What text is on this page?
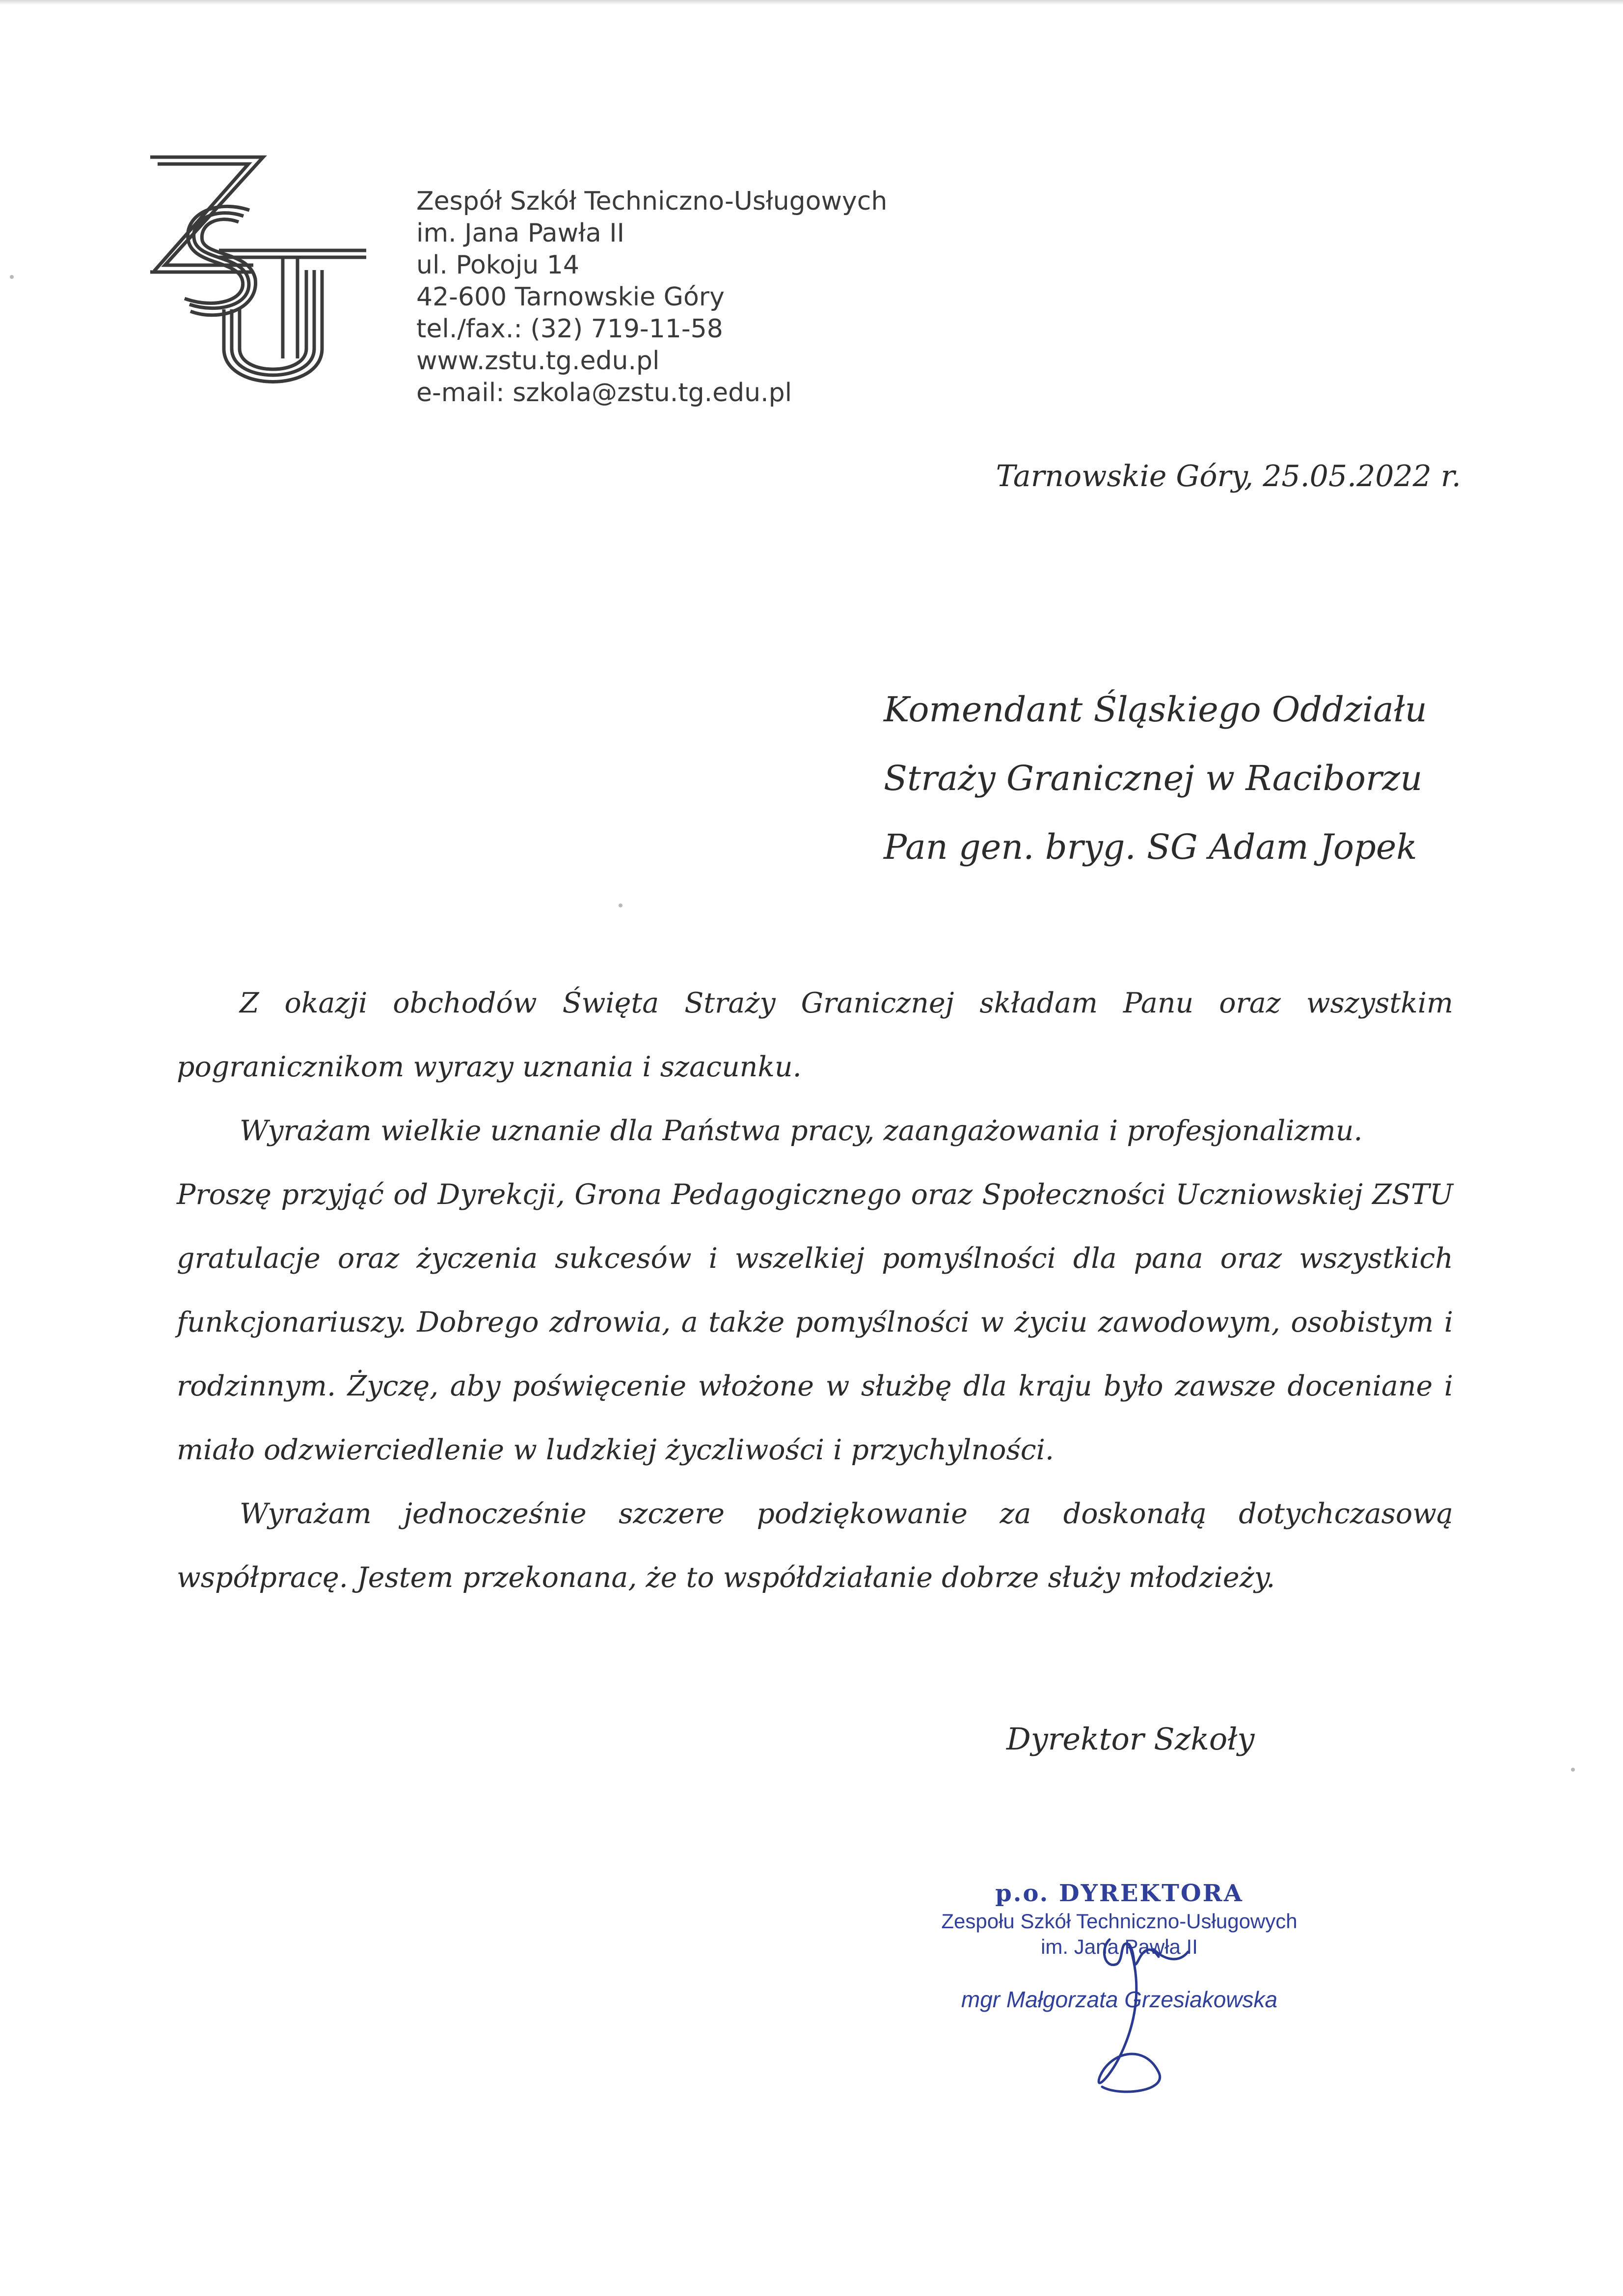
Zespół Szkół Techniczno-Usługowych
im. Jana Pawła II
ul. Pokoju 14
42-600 Tarnowskie Góry
tel./fax.: (32) 719-11-58
www.zstu.tg.edu.pl
e-mail: szkola@zstu.tg.edu.pl
Tarnowskie Góry, 25.05.2022 r.
Komendant Śląskiego Oddziału
Straży Granicznej w Raciborzu
Pan gen. bryg. SG Adam Jopek

Z okazji obchodów Święta Straży Granicznej składam Panu oraz wszystkim pogranicznikom wyrazy uznania i szacunku.

Wyrażam wielkie uznanie dla Państwa pracy, zaangażowania i profesjonalizmu.

Proszę przyjąć od Dyrekcji, Grona Pedagogicznego oraz Społeczności Uczniowskiej ZSTU gratulacje oraz życzenia sukcesów i wszelkiej pomyślności dla pana oraz wszystkich funkcjonariuszy. Dobrego zdrowia, a także pomyślności w życiu zawodowym, osobistym i rodzinnym. Życzę, aby poświęcenie włożone w służbę dla kraju było zawsze doceniane i miało odzwierciedlenie w ludzkiej życzliwości i przychylności.

Wyrażam jednocześnie szczere podziękowanie za doskonałą dotychczasową współpracę. Jestem przekonana, że to współdziałanie dobrze służy młodzieży.

Dyrektor Szkoły
p.o. DYREKTORA
Zespołu Szkół Techniczno-Usługowych
im. Jana Pawła II
mgr Małgorzata Grzesiakowska
